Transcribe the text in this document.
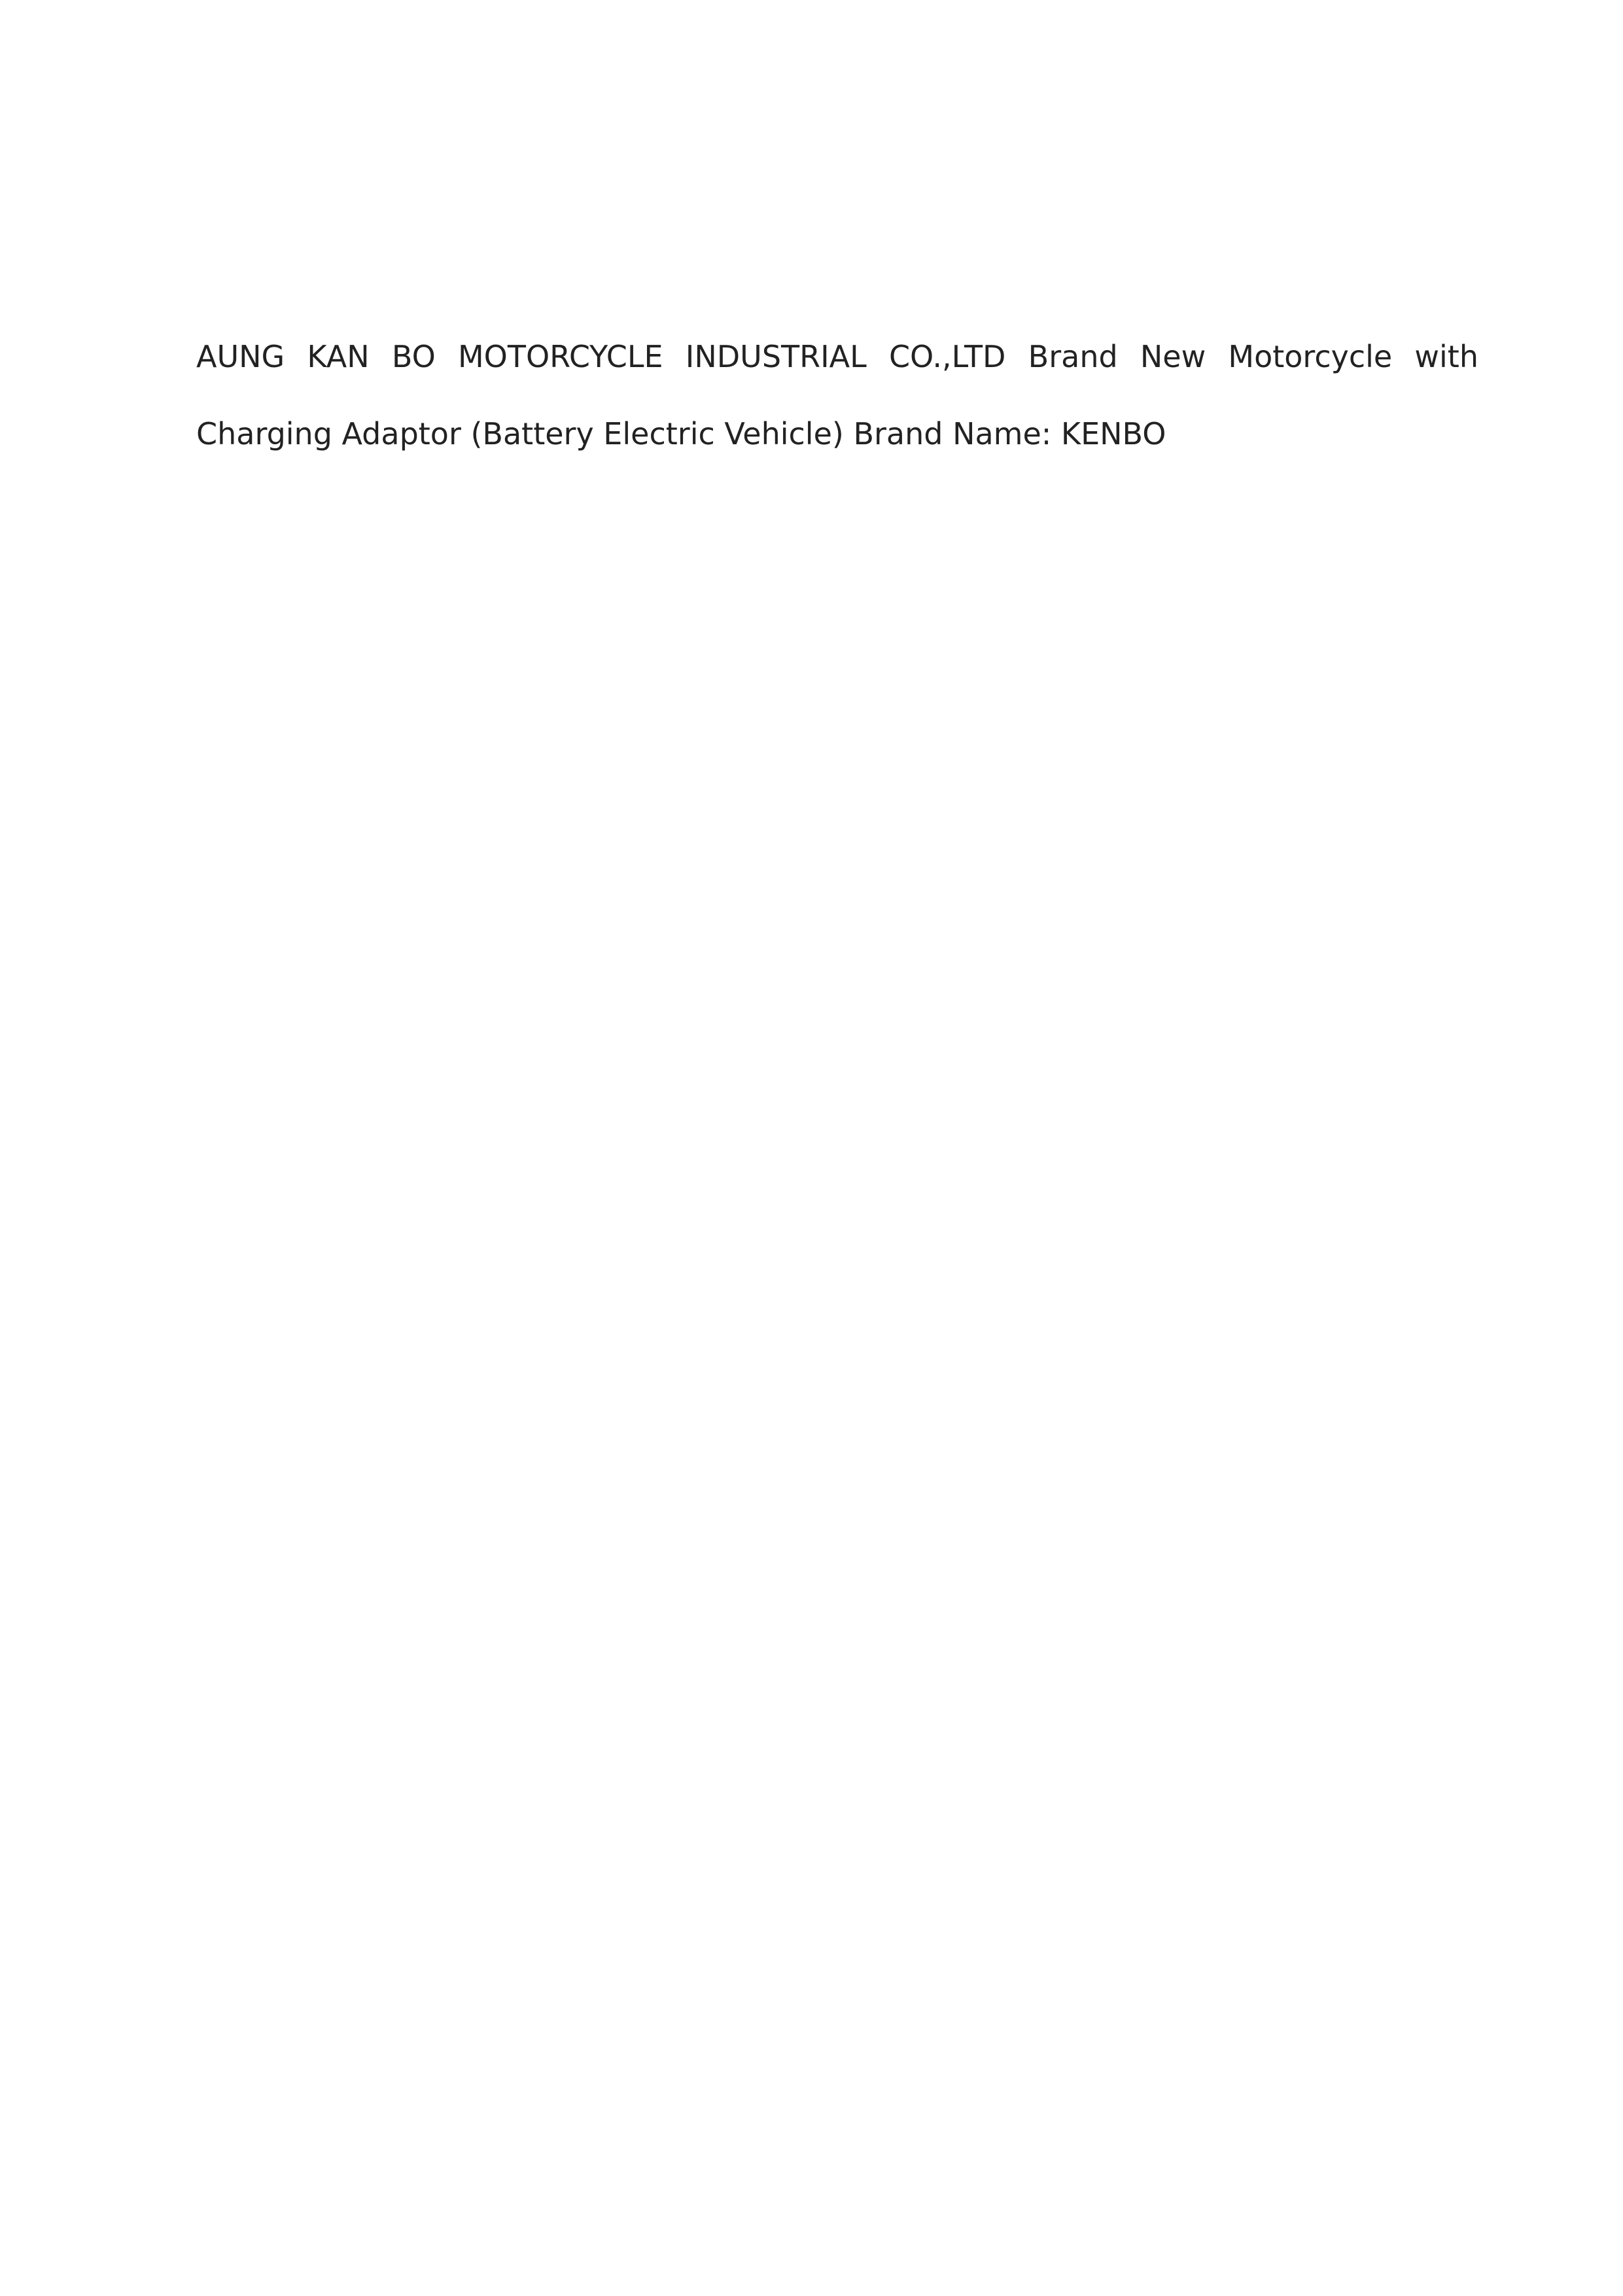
AUNG KAN BO MOTORCYCLE INDUSTRIAL CO.,LTD Brand New Motorcycle with Charging Adaptor (Battery Electric Vehicle) Brand Name: KENBO
